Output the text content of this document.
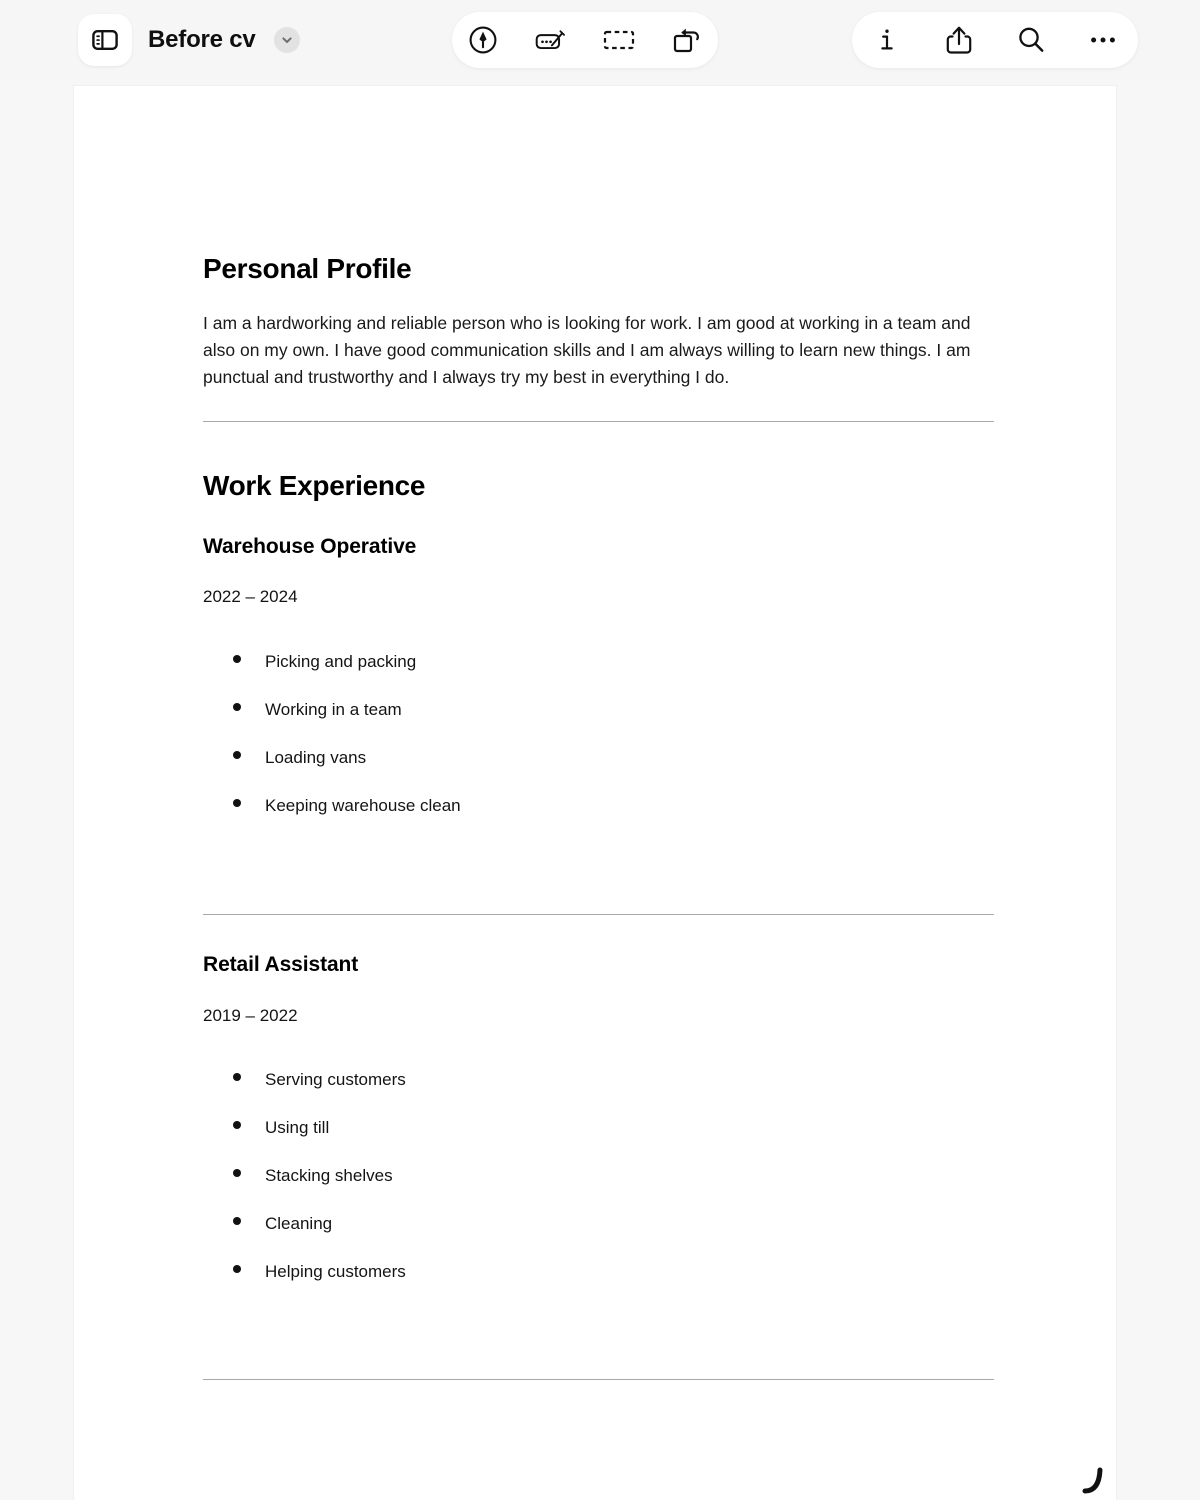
Before cv
Personal Profile
I am a hardworking and reliable person who is looking for work. I am good at working in a team and also on my own. I have good communication skills and I am always willing to learn new things. I am punctual and trustworthy and I always try my best in everything I do.
Work Experience
Warehouse Operative
2022 – 2024
Picking and packing
Working in a team
Loading vans
Keeping warehouse clean
Retail Assistant
2019 – 2022
Serving customers
Using till
Stacking shelves
Cleaning
Helping customers
